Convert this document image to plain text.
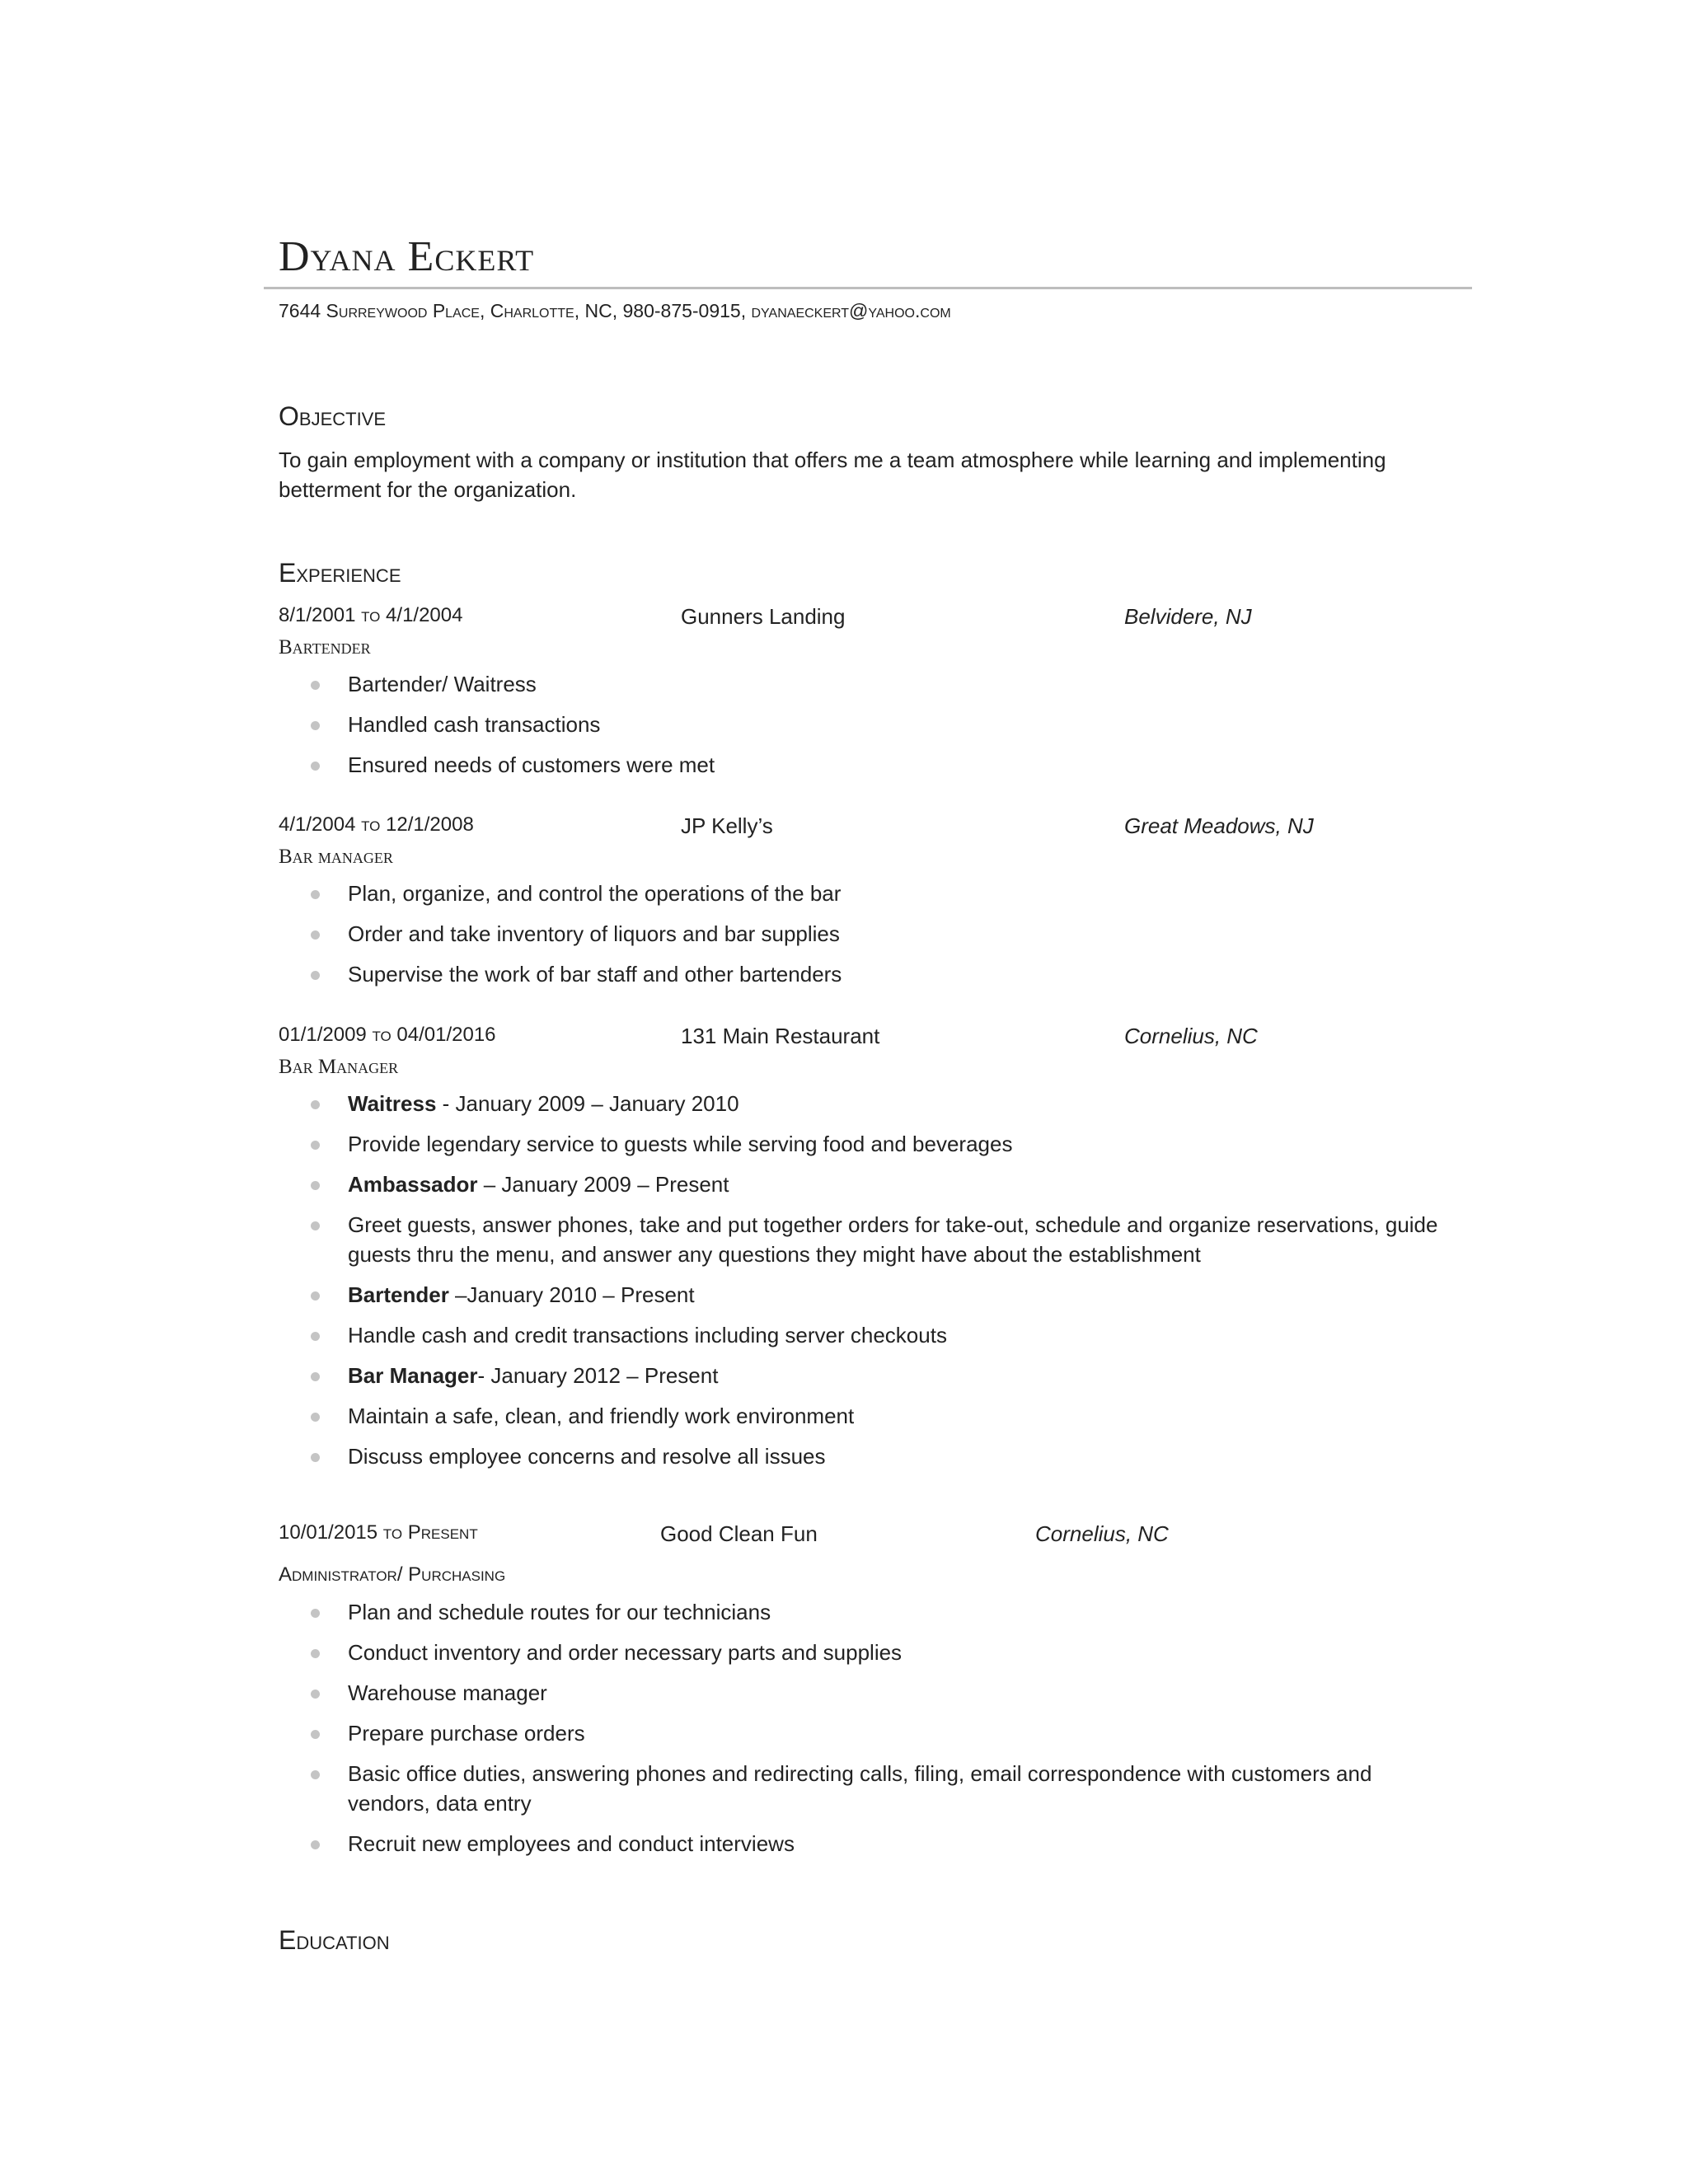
Dyana Eckert
7644 Surreywood Place, Charlotte, NC, 980-875-0915, dyanaeckert@yahoo.com
Objective

To gain employment with a company or institution that offers me a team atmosphere while learning and implementing betterment for the organization.

Experience
8/1/2001 to 4/1/2004	Gunners Landing	Belvidere, NJ
Bartender
Bartender/ Waitress
Handled cash transactions
Ensured needs of customers were met
4/1/2004 to 12/1/2008	JP Kelly’s	Great Meadows, NJ
Bar manager
Plan, organize, and control the operations of the bar
Order and take inventory of liquors and bar supplies
Supervise the work of bar staff and other bartenders
01/1/2009 to 04/01/2016	131 Main Restaurant	Cornelius, NC
Bar Manager
Waitress - January 2009 – January 2010
Provide legendary service to guests while serving food and beverages
Ambassador – January 2009 – Present
Greet guests, answer phones, take and put together orders for take-out, schedule and organize reservations, guide guests thru the menu, and answer any questions they might have about the establishment
Bartender –January 2010 – Present
Handle cash and credit transactions including server checkouts
Bar Manager- January 2012 – Present
Maintain a safe, clean, and friendly work environment
Discuss employee concerns and resolve all issues
10/01/2015 to Present	Good Clean Fun	Cornelius, NC
Administrator/ Purchasing
Plan and schedule routes for our technicians
Conduct inventory and order necessary parts and supplies
Warehouse manager
Prepare purchase orders
Basic office duties, answering phones and redirecting calls, filing, email correspondence with customers and vendors, data entry
Recruit new employees and conduct interviews
Education
